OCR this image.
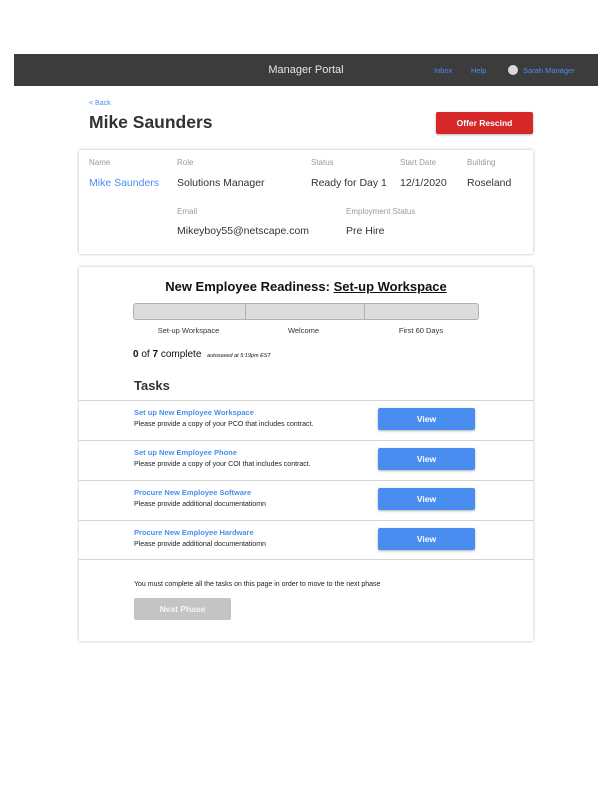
Manager Portal	Inbox Help	Sarah Manager
< Back
Mike Saunders	Offer Rescind
Name
Mike Saunders
Role
Solutions Manager
Status
Ready for Day 1
Start Date
12/1/2020
Building
Roseland
Email
Mikeyboy55@netscape.com
Employment Status
Pre Hire
New Employee Readiness: Set-up Workspace
Set-up Workspace	Welcome	First 60 Days
0 of 7 complete autosaved at 5:19pm EST
Tasks
Set up New Employee Workspace
Please provide a copy of your PCO that includes contract.
View
Set up New Employee Phone
Please provide a copy of your COI that includes contract.
View
Procure New Employee Software
Please provide additional documentatiomn
View
Procure New Employee Hardware
Please provide additional documentatiomn
View
You must complete all the tasks on this page in order to move to the next phase
Next Phase
